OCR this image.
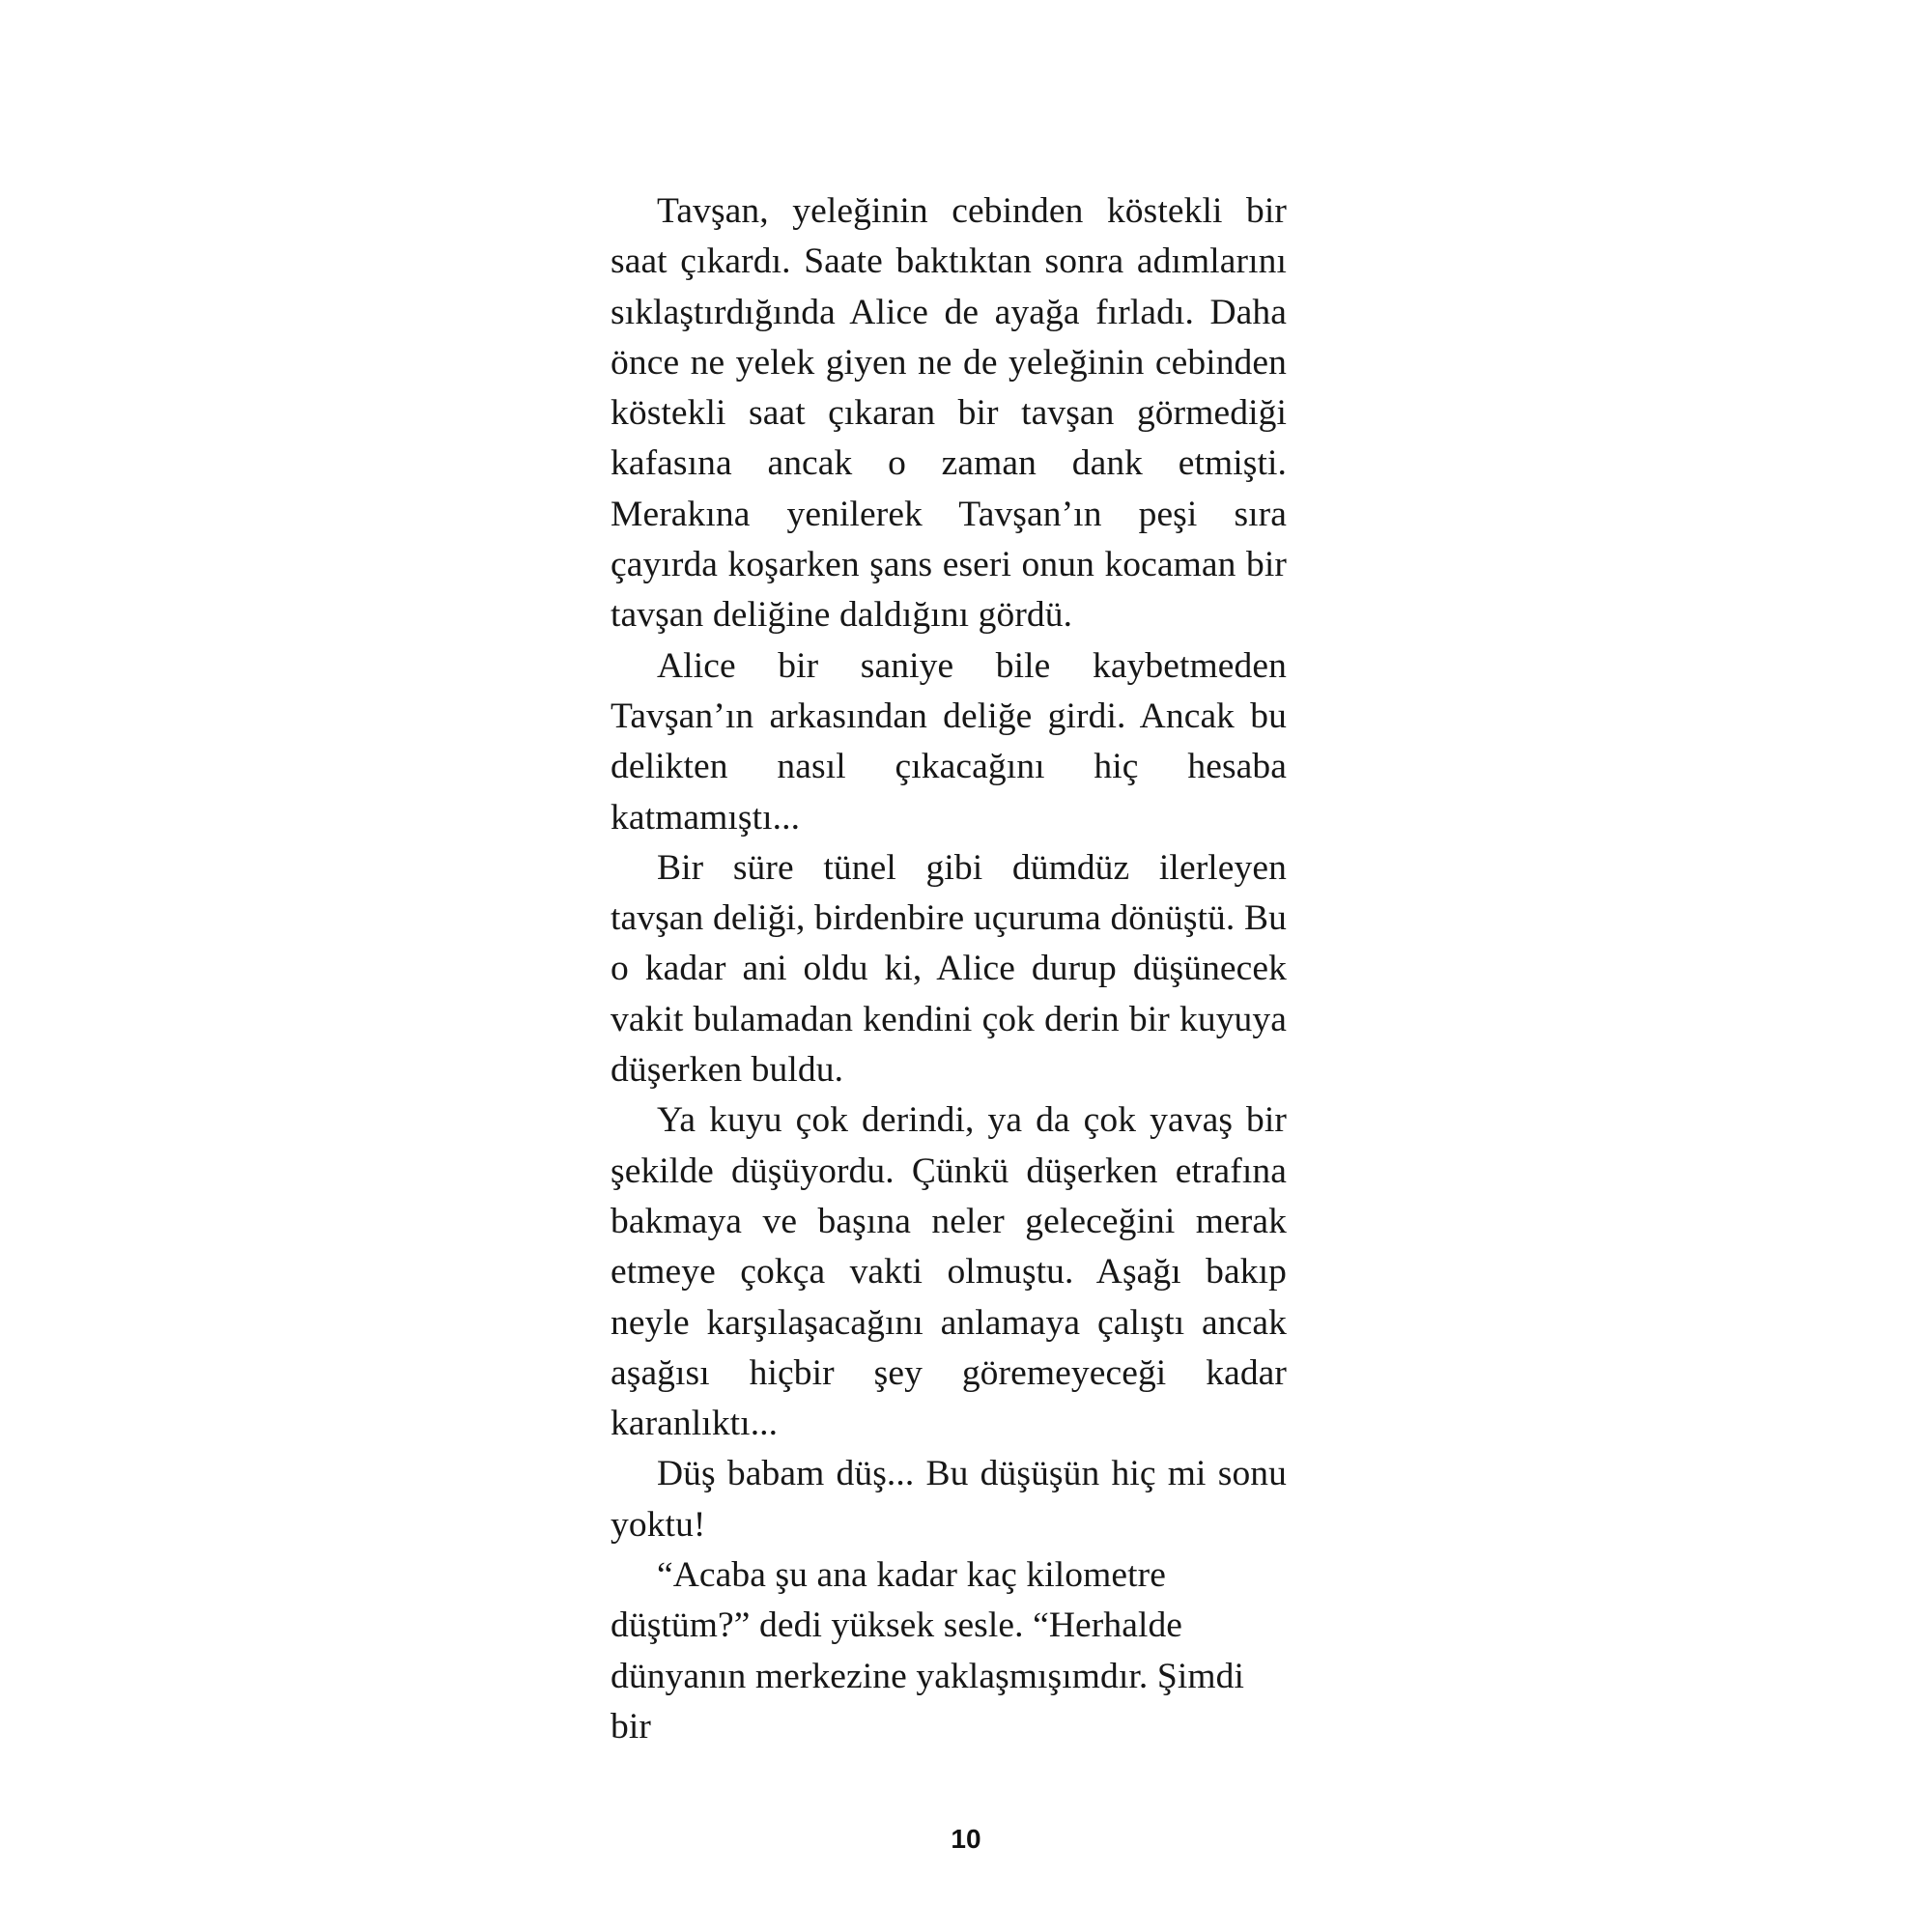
Tavşan, yeleğinin cebinden köstekli bir saat çıkardı. Saate baktıktan sonra adımlarını sıklaştırdığında Alice de ayağa fırladı. Daha önce ne yelek giyen ne de yeleğinin cebinden köstekli saat çıkaran bir tavşan görmediği kafasına ancak o zaman dank etmişti. Merakına yenilerek Tavşan’ın peşi sıra çayırda koşarken şans eseri onun kocaman bir tavşan deliğine daldığını gördü.

Alice bir saniye bile kaybetmeden Tavşan’ın arkasından deliğe girdi. Ancak bu delikten nasıl çıkacağını hiç hesaba katmamıştı...

Bir süre tünel gibi dümdüz ilerleyen tavşan deliği, birdenbire uçuruma dönüştü. Bu o kadar ani oldu ki, Alice durup düşünecek vakit bulamadan kendini çok derin bir kuyuya düşerken buldu.

Ya kuyu çok derindi, ya da çok yavaş bir şekilde düşüyordu. Çünkü düşerken etrafına bakmaya ve başına neler geleceğini merak etmeye çokça vakti olmuştu. Aşağı bakıp neyle karşılaşacağını anlamaya çalıştı ancak aşağısı hiçbir şey göremeyeceği kadar karanlıktı...

Düş babam düş... Bu düşüşün hiç mi sonu yoktu!

“Acaba şu ana kadar kaç kilometre düştüm?” dedi yüksek sesle. “Herhalde dünyanın merkezine yaklaşmışımdır. Şimdi bir

10
